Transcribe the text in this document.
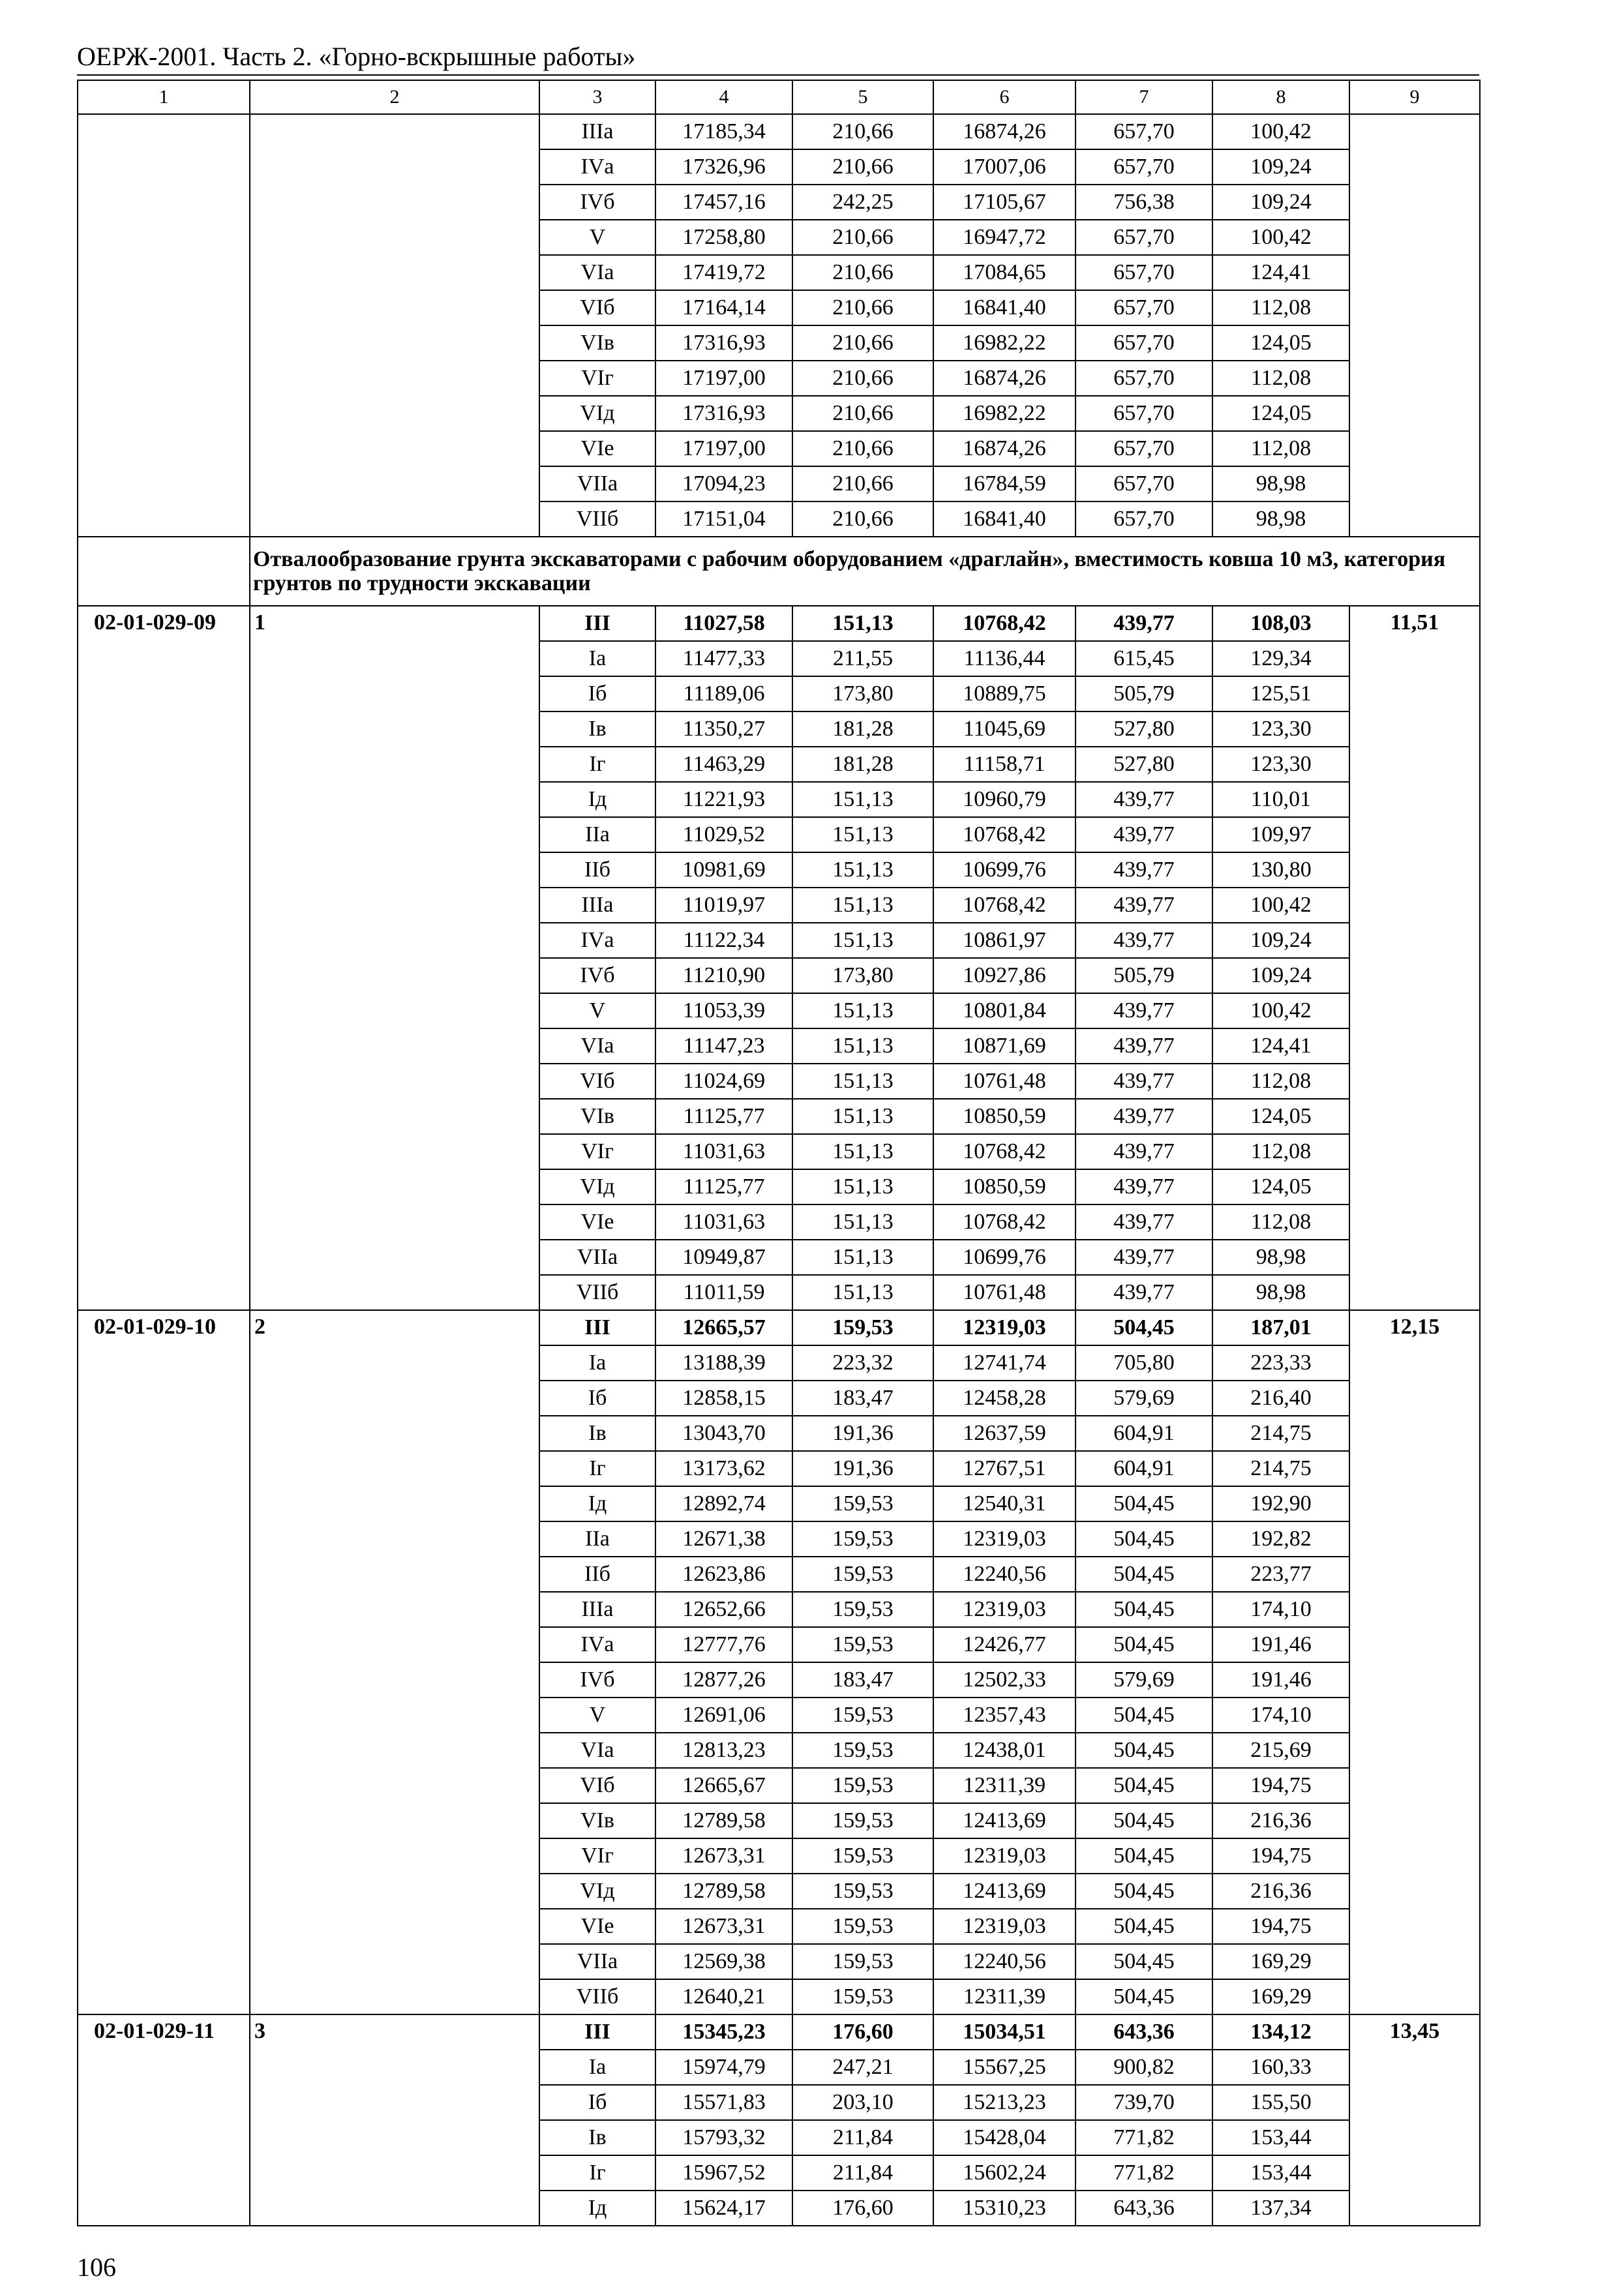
ОЕРЖ-2001. Часть 2. «Горно-вскрышные работы»
1	2	3	4	5	6	7	8	9
		IIIа	17185,34	210,66	16874,26	657,70	100,42	
		IVа	17326,96	210,66	17007,06	657,70	109,24	
		IVб	17457,16	242,25	17105,67	756,38	109,24	
		V	17258,80	210,66	16947,72	657,70	100,42	
		VIа	17419,72	210,66	17084,65	657,70	124,41	
		VIб	17164,14	210,66	16841,40	657,70	112,08	
		VIв	17316,93	210,66	16982,22	657,70	124,05	
		VIг	17197,00	210,66	16874,26	657,70	112,08	
		VIд	17316,93	210,66	16982,22	657,70	124,05	
		VIе	17197,00	210,66	16874,26	657,70	112,08	
		VIIа	17094,23	210,66	16784,59	657,70	98,98	
		VIIб	17151,04	210,66	16841,40	657,70	98,98	
	Отвалообразование грунта экскаваторами с рабочим оборудованием «драглайн», вместимость ковша 10 м3, категория грунтов по трудности экскавации							
02-01-029-09	1	III	11027,58	151,13	10768,42	439,77	108,03	11,51
		Iа	11477,33	211,55	11136,44	615,45	129,34	
		Iб	11189,06	173,80	10889,75	505,79	125,51	
		Iв	11350,27	181,28	11045,69	527,80	123,30	
		Iг	11463,29	181,28	11158,71	527,80	123,30	
		Iд	11221,93	151,13	10960,79	439,77	110,01	
		IIа	11029,52	151,13	10768,42	439,77	109,97	
		IIб	10981,69	151,13	10699,76	439,77	130,80	
		IIIа	11019,97	151,13	10768,42	439,77	100,42	
		IVа	11122,34	151,13	10861,97	439,77	109,24	
		IVб	11210,90	173,80	10927,86	505,79	109,24	
		V	11053,39	151,13	10801,84	439,77	100,42	
		VIа	11147,23	151,13	10871,69	439,77	124,41	
		VIб	11024,69	151,13	10761,48	439,77	112,08	
		VIв	11125,77	151,13	10850,59	439,77	124,05	
		VIг	11031,63	151,13	10768,42	439,77	112,08	
		VIд	11125,77	151,13	10850,59	439,77	124,05	
		VIе	11031,63	151,13	10768,42	439,77	112,08	
		VIIа	10949,87	151,13	10699,76	439,77	98,98	
		VIIб	11011,59	151,13	10761,48	439,77	98,98	
02-01-029-10	2	III	12665,57	159,53	12319,03	504,45	187,01	12,15
		Iа	13188,39	223,32	12741,74	705,80	223,33	
		Iб	12858,15	183,47	12458,28	579,69	216,40	
		Iв	13043,70	191,36	12637,59	604,91	214,75	
		Iг	13173,62	191,36	12767,51	604,91	214,75	
		Iд	12892,74	159,53	12540,31	504,45	192,90	
		IIа	12671,38	159,53	12319,03	504,45	192,82	
		IIб	12623,86	159,53	12240,56	504,45	223,77	
		IIIа	12652,66	159,53	12319,03	504,45	174,10	
		IVа	12777,76	159,53	12426,77	504,45	191,46	
		IVб	12877,26	183,47	12502,33	579,69	191,46	
		V	12691,06	159,53	12357,43	504,45	174,10	
		VIа	12813,23	159,53	12438,01	504,45	215,69	
		VIб	12665,67	159,53	12311,39	504,45	194,75	
		VIв	12789,58	159,53	12413,69	504,45	216,36	
		VIг	12673,31	159,53	12319,03	504,45	194,75	
		VIд	12789,58	159,53	12413,69	504,45	216,36	
		VIе	12673,31	159,53	12319,03	504,45	194,75	
		VIIа	12569,38	159,53	12240,56	504,45	169,29	
		VIIб	12640,21	159,53	12311,39	504,45	169,29	
02-01-029-11	3	III	15345,23	176,60	15034,51	643,36	134,12	13,45
		Iа	15974,79	247,21	15567,25	900,82	160,33	
		Iб	15571,83	203,10	15213,23	739,70	155,50	
		Iв	15793,32	211,84	15428,04	771,82	153,44	
		Iг	15967,52	211,84	15602,24	771,82	153,44	
		Iд	15624,17	176,60	15310,23	643,36	137,34	
106
